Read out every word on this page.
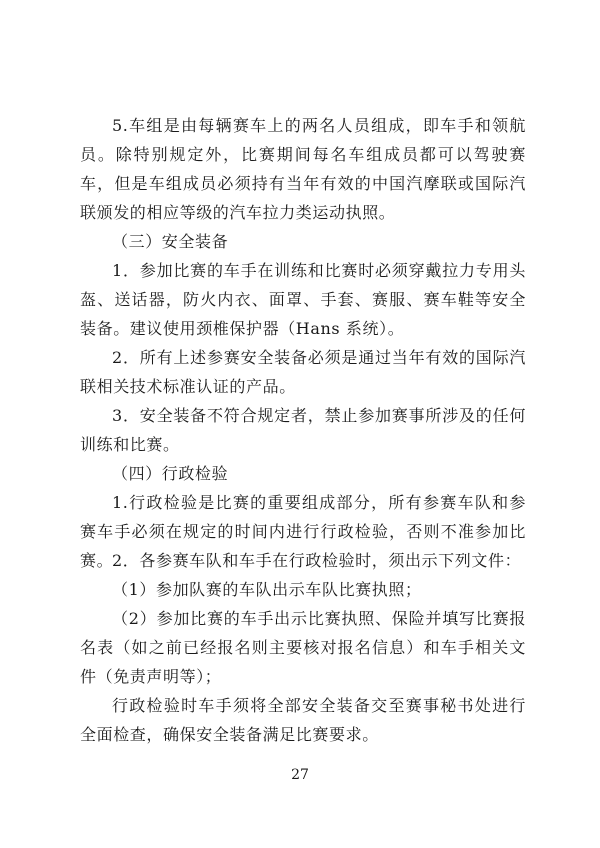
5.车组是由每辆赛车上的两名人员组成，即车手和领航员。除特别规定外，比赛期间每名车组成员都可以驾驶赛车，但是车组成员必须持有当年有效的中国汽摩联或国际汽联颁发的相应等级的汽车拉力类运动执照。

（三）安全装备

1．参加比赛的车手在训练和比赛时必须穿戴拉力专用头盔、送话器，防火内衣、面罩、手套、赛服、赛车鞋等安全装备。建议使用颈椎保护器（Hans 系统）。

2．所有上述参赛安全装备必须是通过当年有效的国际汽联相关技术标准认证的产品。

3．安全装备不符合规定者，禁止参加赛事所涉及的任何训练和比赛。

（四）行政检验

1.行政检验是比赛的重要组成部分，所有参赛车队和参赛车手必须在规定的时间内进行行政检验，否则不准参加比赛。

2．各参赛车队和车手在行政检验时，须出示下列文件：

（1）参加队赛的车队出示车队比赛执照；

（2）参加比赛的车手出示比赛执照、保险并填写比赛报名表（如之前已经报名则主要核对报名信息）和车手相关文件（免责声明等）；

行政检验时车手须将全部安全装备交至赛事秘书处进行全面检查，确保安全装备满足比赛要求。

27
